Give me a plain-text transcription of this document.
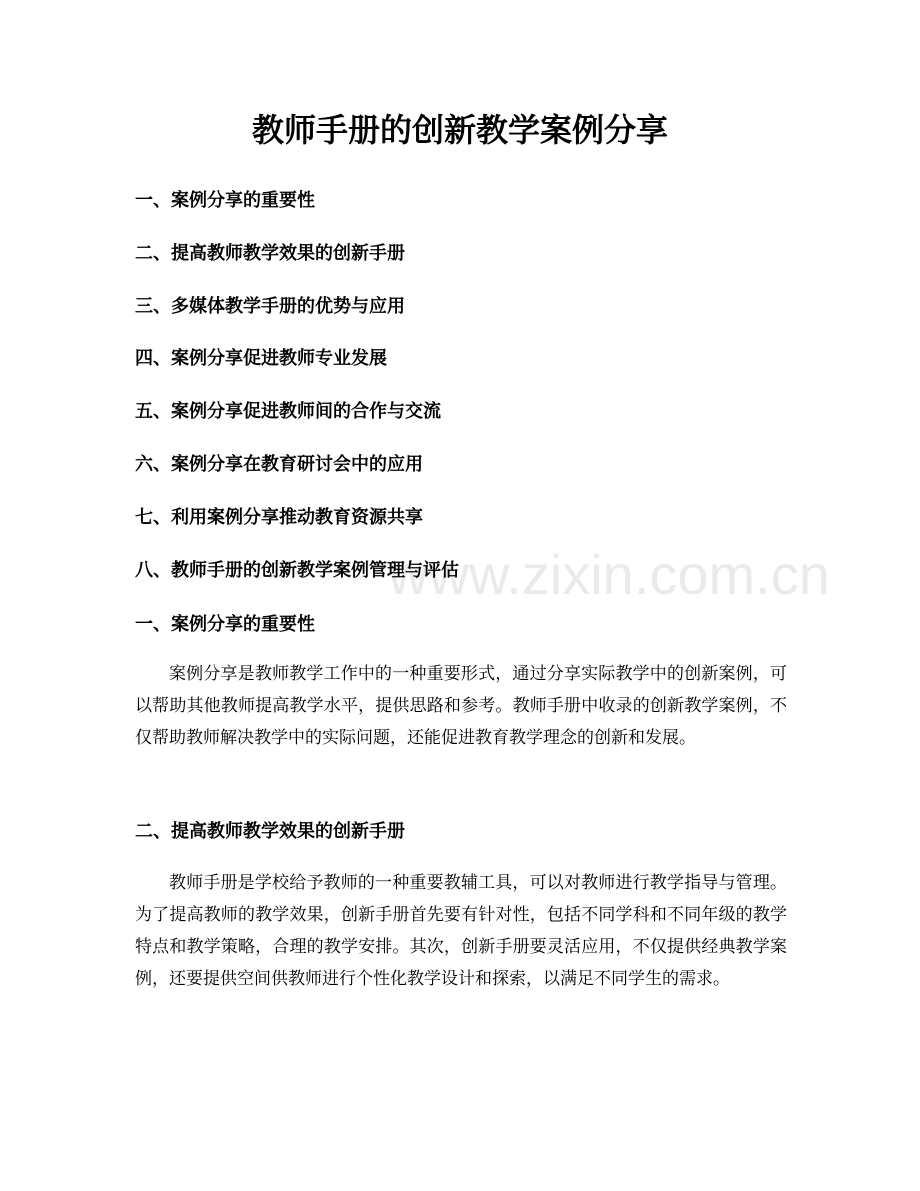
教师手册的创新教学案例分享

一、案例分享的重要性

二、提高教师教学效果的创新手册

三、多媒体教学手册的优势与应用

四、案例分享促进教师专业发展

五、案例分享促进教师间的合作与交流

六、案例分享在教育研讨会中的应用

七、利用案例分享推动教育资源共享

八、教师手册的创新教学案例管理与评估

一、案例分享的重要性

案例分享是教师教学工作中的一种重要形式，通过分享实际教学中的创新案例，可以帮助其他教师提高教学水平，提供思路和参考。教师手册中收录的创新教学案例，不仅帮助教师解决教学中的实际问题，还能促进教育教学理念的创新和发展。

二、提高教师教学效果的创新手册

教师手册是学校给予教师的一种重要教辅工具，可以对教师进行教学指导与管理。为了提高教师的教学效果，创新手册首先要有针对性，包括不同学科和不同年级的教学特点和教学策略，合理的教学安排。其次，创新手册要灵活应用，不仅提供经典教学案例，还要提供空间供教师进行个性化教学设计和探索，以满足不同学生的需求。

www.zixin.com.cn
